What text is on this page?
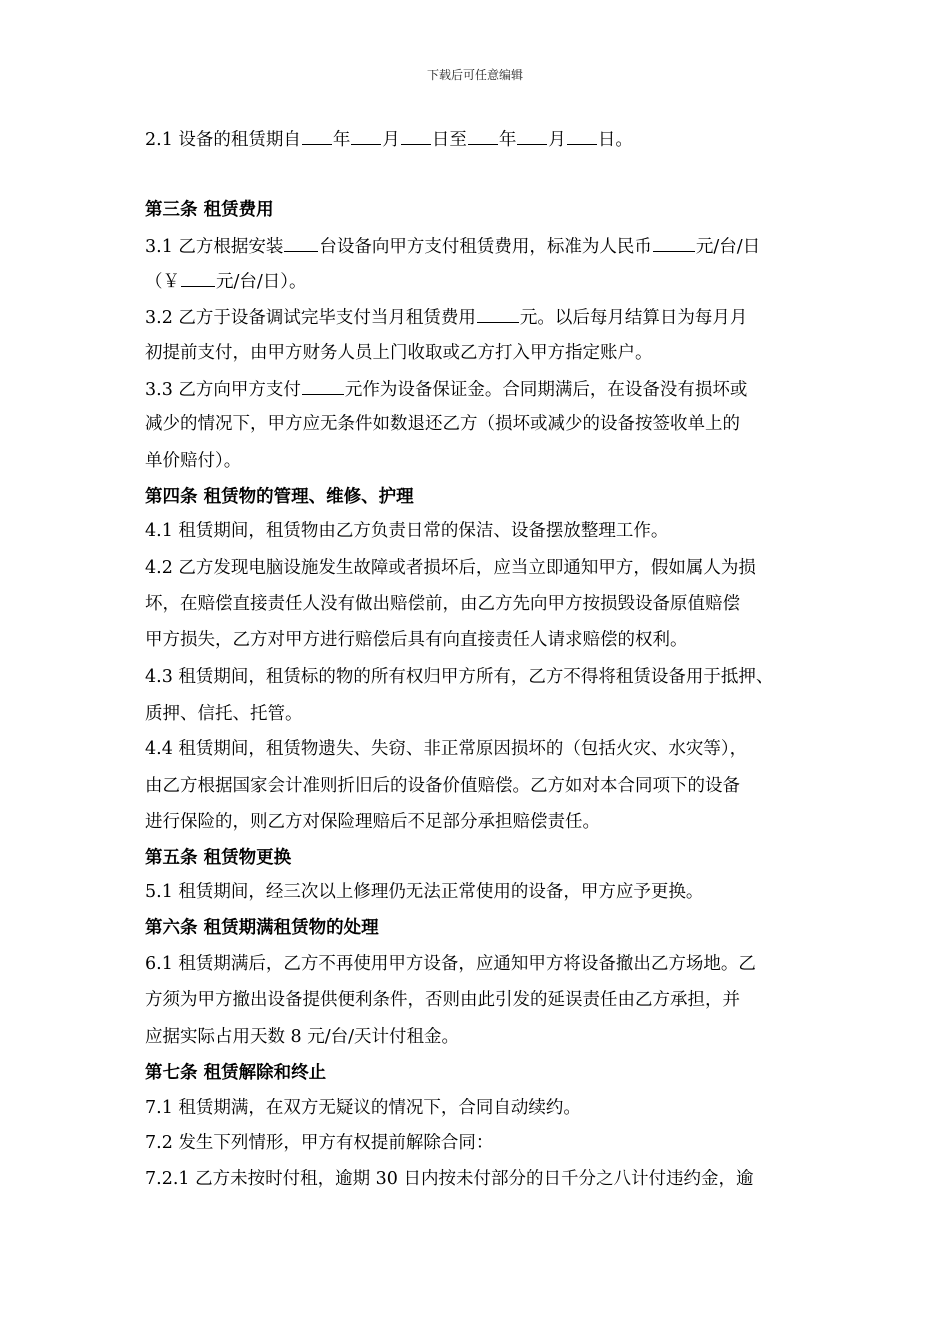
下载后可任意编辑
2.1 设备的租赁期自 年 月 日至 年 月 日。
第三条 租赁费用
3.1 乙方根据安装 台设备向甲方支付租赁费用，标准为人民币	元/台/日
（￥ 元/台/日）。
3.2 乙方于设备调试完毕支付当月租赁费用	元。以后每月结算日为每月月
初提前支付，由甲方财务人员上门收取或乙方打入甲方指定账户。
3.3 乙方向甲方支付	元作为设备保证金。合同期满后，在设备没有损坏或
减少的情况下，甲方应无条件如数退还乙方（损坏或减少的设备按签收单上的
单价赔付）。
第四条 租赁物的管理、维修、护理
4.1 租赁期间，租赁物由乙方负责日常的保洁、设备摆放整理工作。
4.2 乙方发现电脑设施发生故障或者损坏后，应当立即通知甲方，假如属人为损
坏，在赔偿直接责任人没有做出赔偿前，由乙方先向甲方按损毁设备原值赔偿
甲方损失，乙方对甲方进行赔偿后具有向直接责任人请求赔偿的权利。
4.3 租赁期间，租赁标的物的所有权归甲方所有，乙方不得将租赁设备用于抵押、
质押、信托、托管。
4.4 租赁期间，租赁物遗失、失窃、非正常原因损坏的（包括火灾、水灾等），
由乙方根据国家会计准则折旧后的设备价值赔偿。乙方如对本合同项下的设备
进行保险的，则乙方对保险理赔后不足部分承担赔偿责任。
第五条 租赁物更换
5.1 租赁期间，经三次以上修理仍无法正常使用的设备，甲方应予更换。
第六条 租赁期满租赁物的处理
6.1 租赁期满后，乙方不再使用甲方设备，应通知甲方将设备撤出乙方场地。乙
方须为甲方撤出设备提供便利条件，否则由此引发的延误责任由乙方承担，并
应据实际占用天数 8 元/台/天计付租金。
第七条 租赁解除和终止
7.1 租赁期满，在双方无疑议的情况下，合同自动续约。
7.2 发生下列情形，甲方有权提前解除合同：
7.2.1 乙方未按时付租，逾期 30 日内按未付部分的日千分之八计付违约金，逾
